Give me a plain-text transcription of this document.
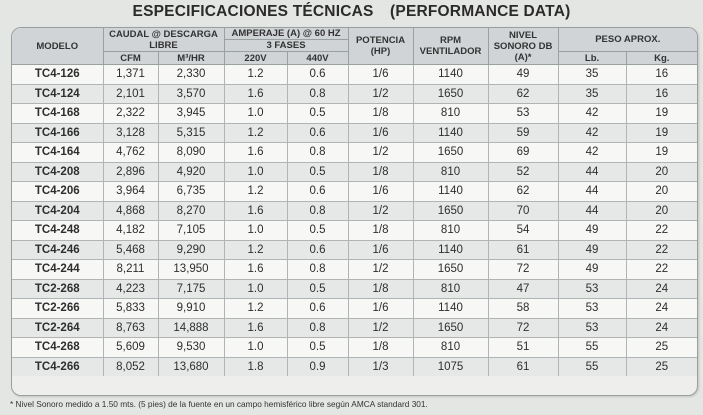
ESPECIFICACIONES TÉCNICAS (PERFORMANCE DATA)
MODELO	CAUDAL @ DESCARGA LIBRE		AMPERAJE (A) @ 60 HZ		POTENCIA (HP)	RPM VENTILADOR	NIVEL SONORO DB (A)*	PESO APROX.	
			3 FASES						
	CFM	M³/HR	220V	440V				Lb.	Kg.
TC4-126	1,371	2,330	1.2	0.6	1/6	1140	49	35	16
TC4-124	2,101	3,570	1.6	0.8	1/2	1650	62	35	16
TC4-168	2,322	3,945	1.0	0.5	1/8	810	53	42	19
TC4-166	3,128	5,315	1.2	0.6	1/6	1140	59	42	19
TC4-164	4,762	8,090	1.6	0.8	1/2	1650	69	42	19
TC4-208	2,896	4,920	1.0	0.5	1/8	810	52	44	20
TC4-206	3,964	6,735	1.2	0.6	1/6	1140	62	44	20
TC4-204	4,868	8,270	1.6	0.8	1/2	1650	70	44	20
TC4-248	4,182	7,105	1.0	0.5	1/8	810	54	49	22
TC4-246	5,468	9,290	1.2	0.6	1/6	1140	61	49	22
TC4-244	8,211	13,950	1.6	0.8	1/2	1650	72	49	22
TC2-268	4,223	7,175	1.0	0.5	1/8	810	47	53	24
TC2-266	5,833	9,910	1.2	0.6	1/6	1140	58	53	24
TC2-264	8,763	14,888	1.6	0.8	1/2	1650	72	53	24
TC4-268	5,609	9,530	1.0	0.5	1/8	810	51	55	25
TC4-266	8,052	13,680	1.8	0.9	1/3	1075	61	55	25
* Nivel Sonoro medido a 1.50 mts. (5 pies) de la fuente en un campo hemisférico libre según AMCA standard 301.
